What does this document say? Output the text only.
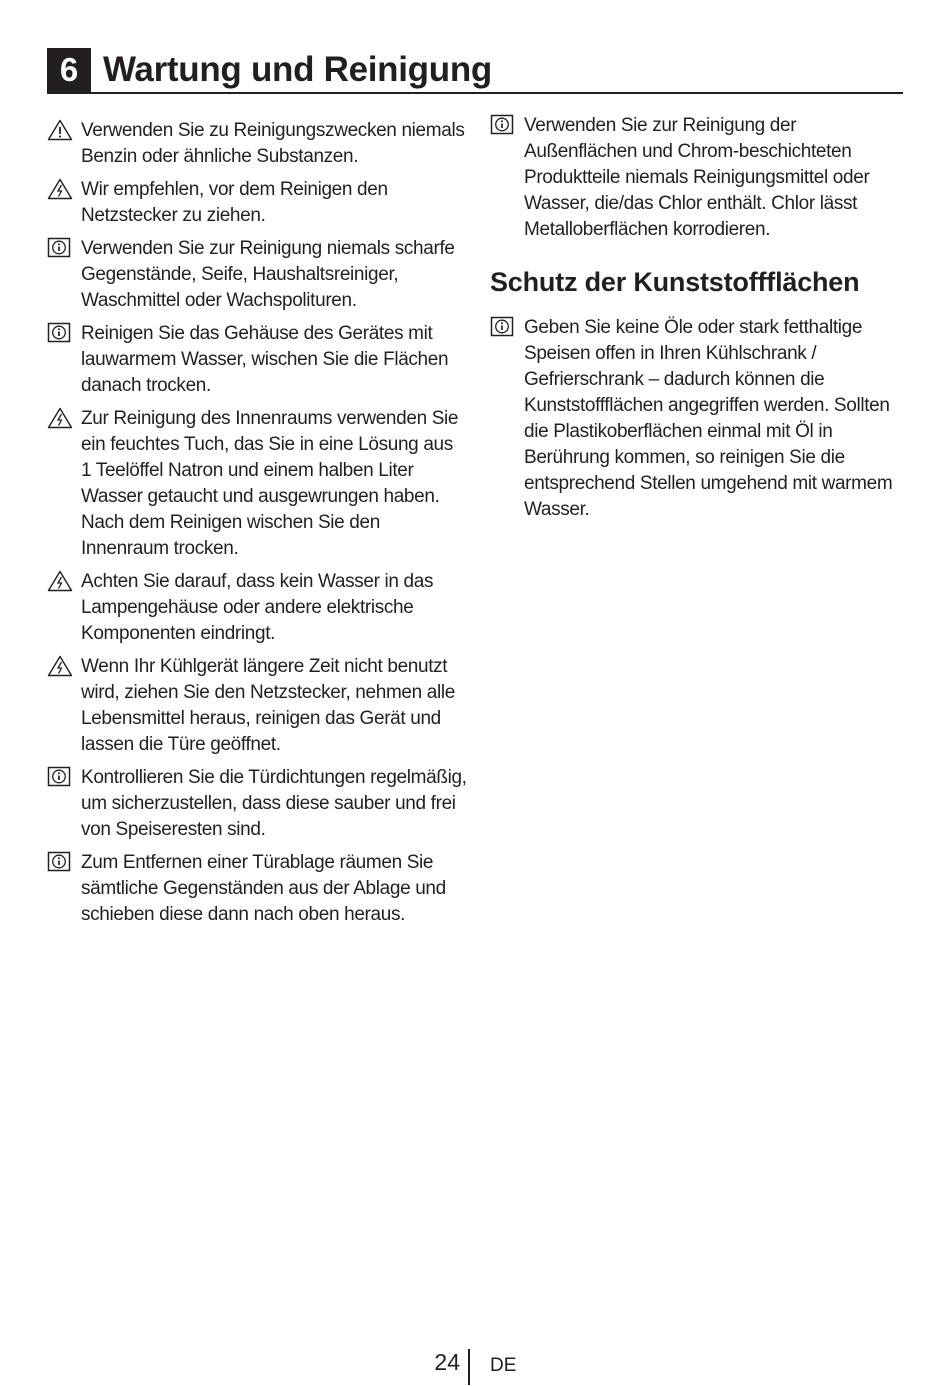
6 Wartung und Reinigung
Verwenden Sie zu Reinigungszwecken niemals Benzin oder ähnliche Substanzen.
Wir empfehlen, vor dem Reinigen den Netzstecker zu ziehen.
Verwenden Sie zur Reinigung niemals scharfe Gegenstände, Seife, Haushaltsreiniger, Waschmittel oder Wachspolituren.
Reinigen Sie das Gehäuse des Gerätes mit lauwarmem Wasser, wischen Sie die Flächen danach trocken.
Zur Reinigung des Innenraums verwenden Sie ein feuchtes Tuch, das Sie in eine Lösung aus 1 Teelöffel Natron und einem halben Liter Wasser getaucht und ausgewrungen haben. Nach dem Reinigen wischen Sie den Innenraum trocken.
Achten Sie darauf, dass kein Wasser in das Lampengehäuse oder andere elektrische Komponenten eindringt.
Wenn Ihr Kühlgerät längere Zeit nicht benutzt wird, ziehen Sie den Netzstecker, nehmen alle Lebensmittel heraus, reinigen das Gerät und lassen die Türe geöffnet.
Kontrollieren Sie die Türdichtungen regelmäßig, um sicherzustellen, dass diese sauber und frei von Speiseresten sind.
Zum Entfernen einer Türablage räumen Sie sämtliche Gegenständen aus der Ablage und schieben diese dann nach oben heraus.
Verwenden Sie zur Reinigung der Außenflächen und Chrom-beschichteten Produktteile niemals Reinigungsmittel oder Wasser, die/das Chlor enthält. Chlor lässt Metalloberflächen korrodieren.
Schutz der Kunststoffflächen
Geben Sie keine Öle oder stark fetthaltige Speisen offen in Ihren Kühlschrank / Gefrierschrank – dadurch können die Kunststoffflächen angegriffen werden. Sollten die Plastikoberflächen einmal mit Öl in Berührung kommen, so reinigen Sie die entsprechend Stellen umgehend mit warmem Wasser.
24 DE
